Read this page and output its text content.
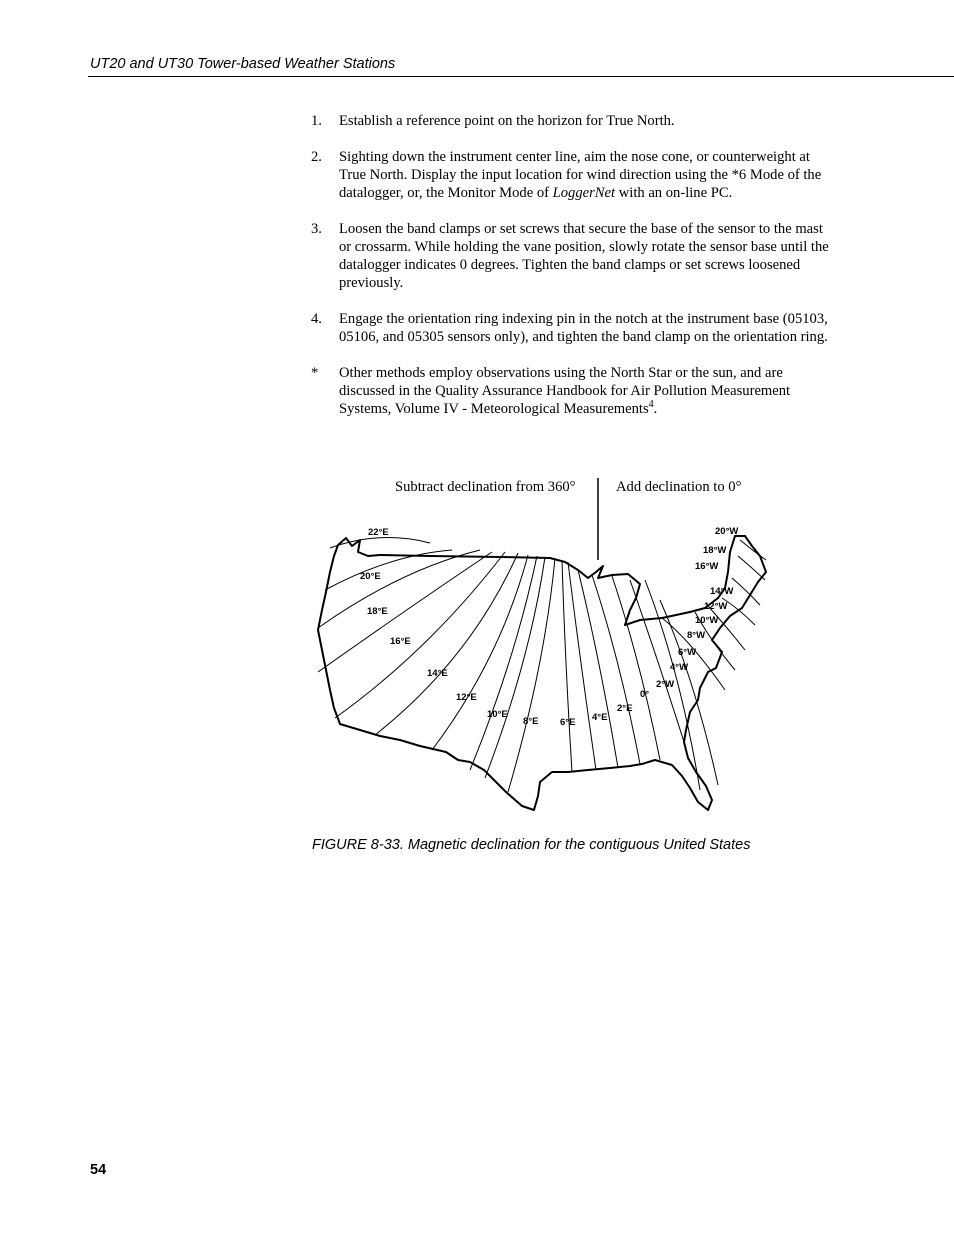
UT20 and UT30 Tower-based Weather Stations
1.	Establish a reference point on the horizon for True North.
2.	Sighting down the instrument center line, aim the nose cone, or counterweight at True North. Display the input location for wind direction using the *6 Mode of the datalogger, or, the Monitor Mode of LoggerNet with an on-line PC.
3.	Loosen the band clamps or set screws that secure the base of the sensor to the mast or crossarm. While holding the vane position, slowly rotate the sensor base until the datalogger indicates 0 degrees. Tighten the band clamps or set screws loosened previously.
4.	Engage the orientation ring indexing pin in the notch at the instrument base (05103, 05106, and 05305 sensors only), and tighten the band clamp on the orientation ring.
*	Other methods employ observations using the North Star or the sun, and are discussed in the Quality Assurance Handbook for Air Pollution Measurement Systems, Volume IV - Meteorological Measurements$^4$.
Subtract declination from 360°	Add declination to 0°
22°E
20°E
18°E
16°E
14°E
12°E
10°E
8°E 6°E 4°E
2°E
0°
20°W
18°W
16°W
14°W
12°W
10°W
8°W
6°W
4°W
2°W
FIGURE 8-33. Magnetic declination for the contiguous United States
54
